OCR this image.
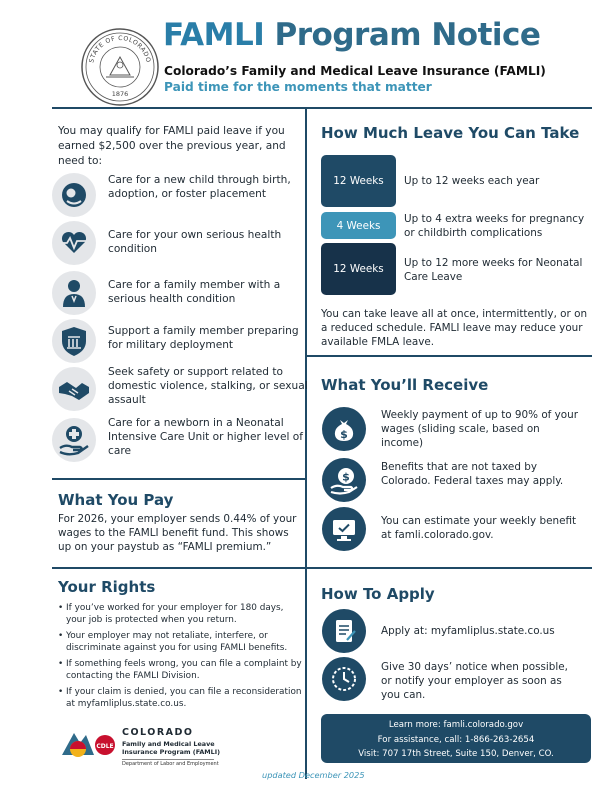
STATE OF COLORADO
1876
FAMLI Program Notice
Colorado’s Family and Medical Leave Insurance (FAMLI)
Paid time for the moments that matter
You may qualify for FAMLI paid leave if you earned $2,500 over the previous year, and need to:
Care for a new child through birth, adoption, or foster placement
Care for your own serious health condition
Care for a family member with a serious health condition
Support a family member preparing for military deployment
Seek safety or support related to domestic violence, stalking, or sexual assault
Care for a newborn in a Neonatal Intensive Care Unit or higher level of care
What You Pay
For 2026, your employer sends 0.44% of your wages to the FAMLI benefit fund. This shows up on your paystub as “FAMLI premium.”
Your Rights
• If you’ve worked for your employer for 180 days, your job is protected when you return.
• Your employer may not retaliate, interfere, or discriminate against you for using FAMLI benefits.
• If something feels wrong, you can file a complaint by contacting the FAMLI Division.
• If your claim is denied, you can file a reconsideration at myfamliplus.state.co.us.
How Much Leave You Can Take
12 Weeks	Up to 12 weeks each year
4 Weeks
Up to 4 extra weeks for pregnancy or childbirth complications
12 Weeks	Up to 12 more weeks for Neonatal Care Leave
You can take leave all at once, intermittently, or on a reduced schedule. FAMLI leave may reduce your available FMLA leave.
What You’ll Receive
$
Weekly payment of up to 90% of your wages (sliding scale, based on income)
$
Benefits that are not taxed by Colorado. Federal taxes may apply.
You can estimate your weekly benefit at famli.colorado.gov.
How To Apply
Apply at: myfamliplus.state.co.us
Give 30 days’ notice when possible, or notify your employer as soon as you can.
Learn more: famli.colorado.gov
For assistance, call: 1-866-263-2654
Visit: 707 17th Street, Suite 150, Denver, CO.
CDLE
COLORADO
Family and Medical Leave
Insurance Program (FAMLI)
Department of Labor and Employment
updated December 2025
